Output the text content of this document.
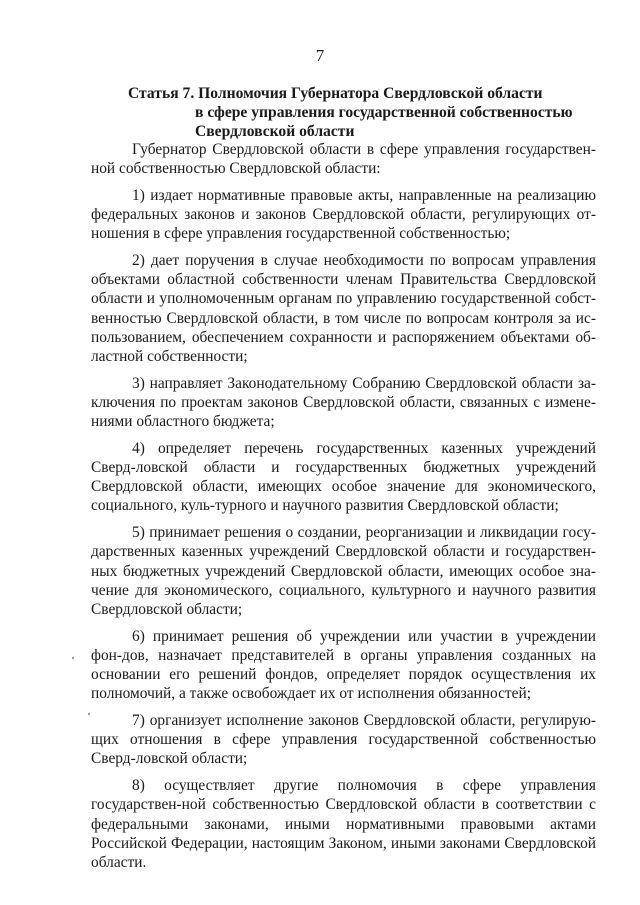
7
Статья 7. Полномочия Губернатора Свердловской области
в сфере управления государственной собственностью
Свердловской области

Губернатор Свердловской области в сфере управления государствен-ной собственностью Свердловской области:

1) издает нормативные правовые акты, направленные на реализацию федеральных законов и законов Свердловской области, регулирующих от-ношения в сфере управления государственной собственностью;

2) дает поручения в случае необходимости по вопросам управления объектами областной собственности членам Правительства Свердловской области и уполномоченным органам по управлению государственной собст-венностью Свердловской области, в том числе по вопросам контроля за ис-пользованием, обеспечением сохранности и распоряжением объектами об-ластной собственности;

3) направляет Законодательному Собранию Свердловской области за-ключения по проектам законов Свердловской области, связанных с измене-ниями областного бюджета;

4) определяет перечень государственных казенных учреждений Сверд-ловской области и государственных бюджетных учреждений Свердловской области, имеющих особое значение для экономического, социального, куль-турного и научного развития Свердловской области;

5) принимает решения о создании, реорганизации и ликвидации госу-дарственных казенных учреждений Свердловской области и государствен-ных бюджетных учреждений Свердловской области, имеющих особое зна-чение для экономического, социального, культурного и научного развития Свердловской области;

6) принимает решения об учреждении или участии в учреждении фон-дов, назначает представителей в органы управления созданных на основании его решений фондов, определяет порядок осуществления их полномочий, а также освобождает их от исполнения обязанностей;

7) организует исполнение законов Свердловской области, регулирую-щих отношения в сфере управления государственной собственностью Сверд-ловской области;

8) осуществляет другие полномочия в сфере управления государствен-ной собственностью Свердловской области в соответствии с федеральными законами, иными нормативными правовыми актами Российской Федерации, настоящим Законом, иными законами Свердловской области.
